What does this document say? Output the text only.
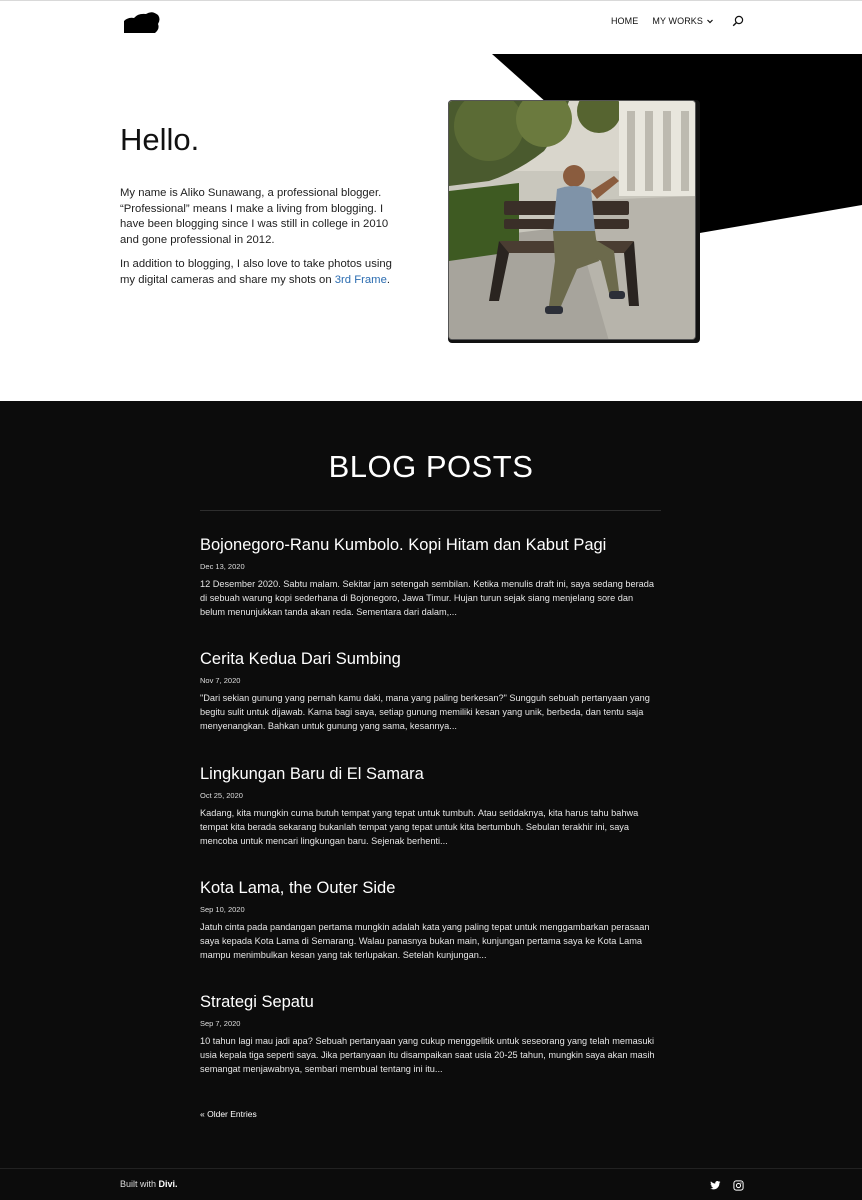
HOME MY WORKS
Hello.

My name is Aliko Sunawang, a professional blogger. “Professional” means I make a living from blogging. I have been blogging since I was still in college in 2010 and gone professional in 2012.

In addition to blogging, I also love to take photos using my digital cameras and share my shots on 3rd Frame.

BLOG POSTS
Bojonegoro-Ranu Kumbolo. Kopi Hitam dan Kabut Pagi
Dec 13, 2020

12 Desember 2020. Sabtu malam. Sekitar jam setengah sembilan. Ketika menulis draft ini, saya sedang berada di sebuah warung kopi sederhana di Bojonegoro, Jawa Timur. Hujan turun sejak siang menjelang sore dan belum menunjukkan tanda akan reda. Sementara dari dalam,...

Cerita Kedua Dari Sumbing
Nov 7, 2020

"Dari sekian gunung yang pernah kamu daki, mana yang paling berkesan?" Sungguh sebuah pertanyaan yang begitu sulit untuk dijawab. Karna bagi saya, setiap gunung memiliki kesan yang unik, berbeda, dan tentu saja menyenangkan. Bahkan untuk gunung yang sama, kesannya...

Lingkungan Baru di El Samara
Oct 25, 2020

Kadang, kita mungkin cuma butuh tempat yang tepat untuk tumbuh. Atau setidaknya, kita harus tahu bahwa tempat kita berada sekarang bukanlah tempat yang tepat untuk kita bertumbuh. Sebulan terakhir ini, saya mencoba untuk mencari lingkungan baru. Sejenak berhenti...

Kota Lama, the Outer Side
Sep 10, 2020

Jatuh cinta pada pandangan pertama mungkin adalah kata yang paling tepat untuk menggambarkan perasaan saya kepada Kota Lama di Semarang. Walau panasnya bukan main, kunjungan pertama saya ke Kota Lama mampu menimbulkan kesan yang tak terlupakan. Setelah kunjungan...

Strategi Sepatu
Sep 7, 2020

10 tahun lagi mau jadi apa? Sebuah pertanyaan yang cukup menggelitik untuk seseorang yang telah memasuki usia kepala tiga seperti saya. Jika pertanyaan itu disampaikan saat usia 20-25 tahun, mungkin saya akan masih semangat menjawabnya, sembari membual tentang ini itu...

« Older Entries
Built with Divi.
